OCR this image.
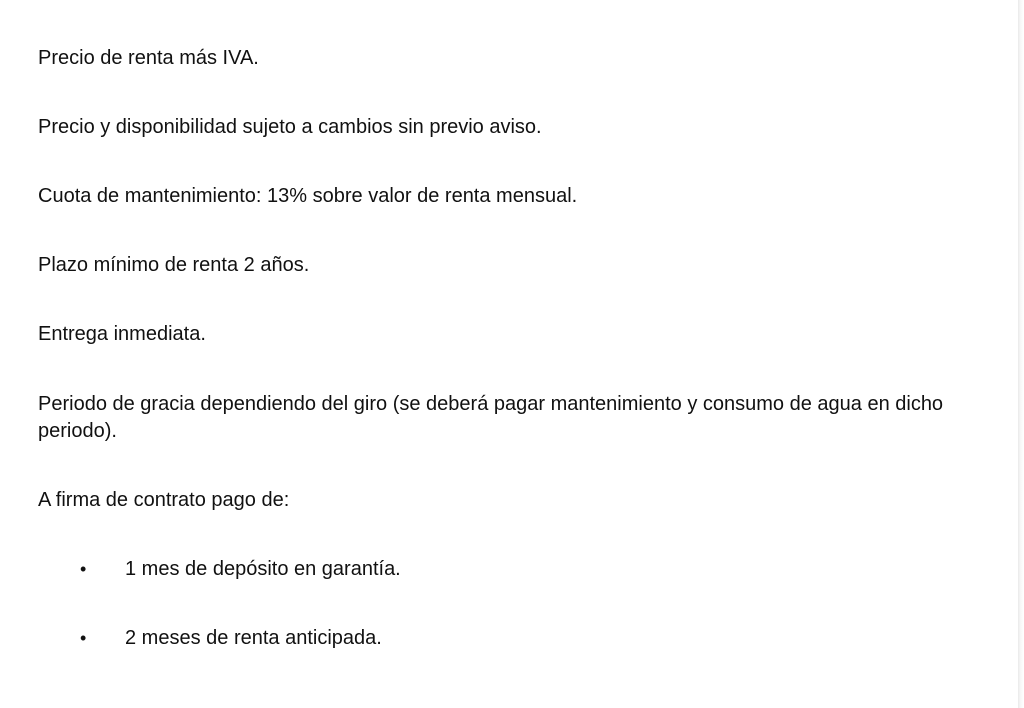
Precio de renta más IVA.

Precio y disponibilidad sujeto a cambios sin previo aviso.

Cuota de mantenimiento: 13% sobre valor de renta mensual.

Plazo mínimo de renta 2 años.

Entrega inmediata.

Periodo de gracia dependiendo del giro (se deberá pagar mantenimiento y consumo de agua en dicho periodo).

A firma de contrato pago de:

• 1 mes de depósito en garantía.

• 2 meses de renta anticipada.
